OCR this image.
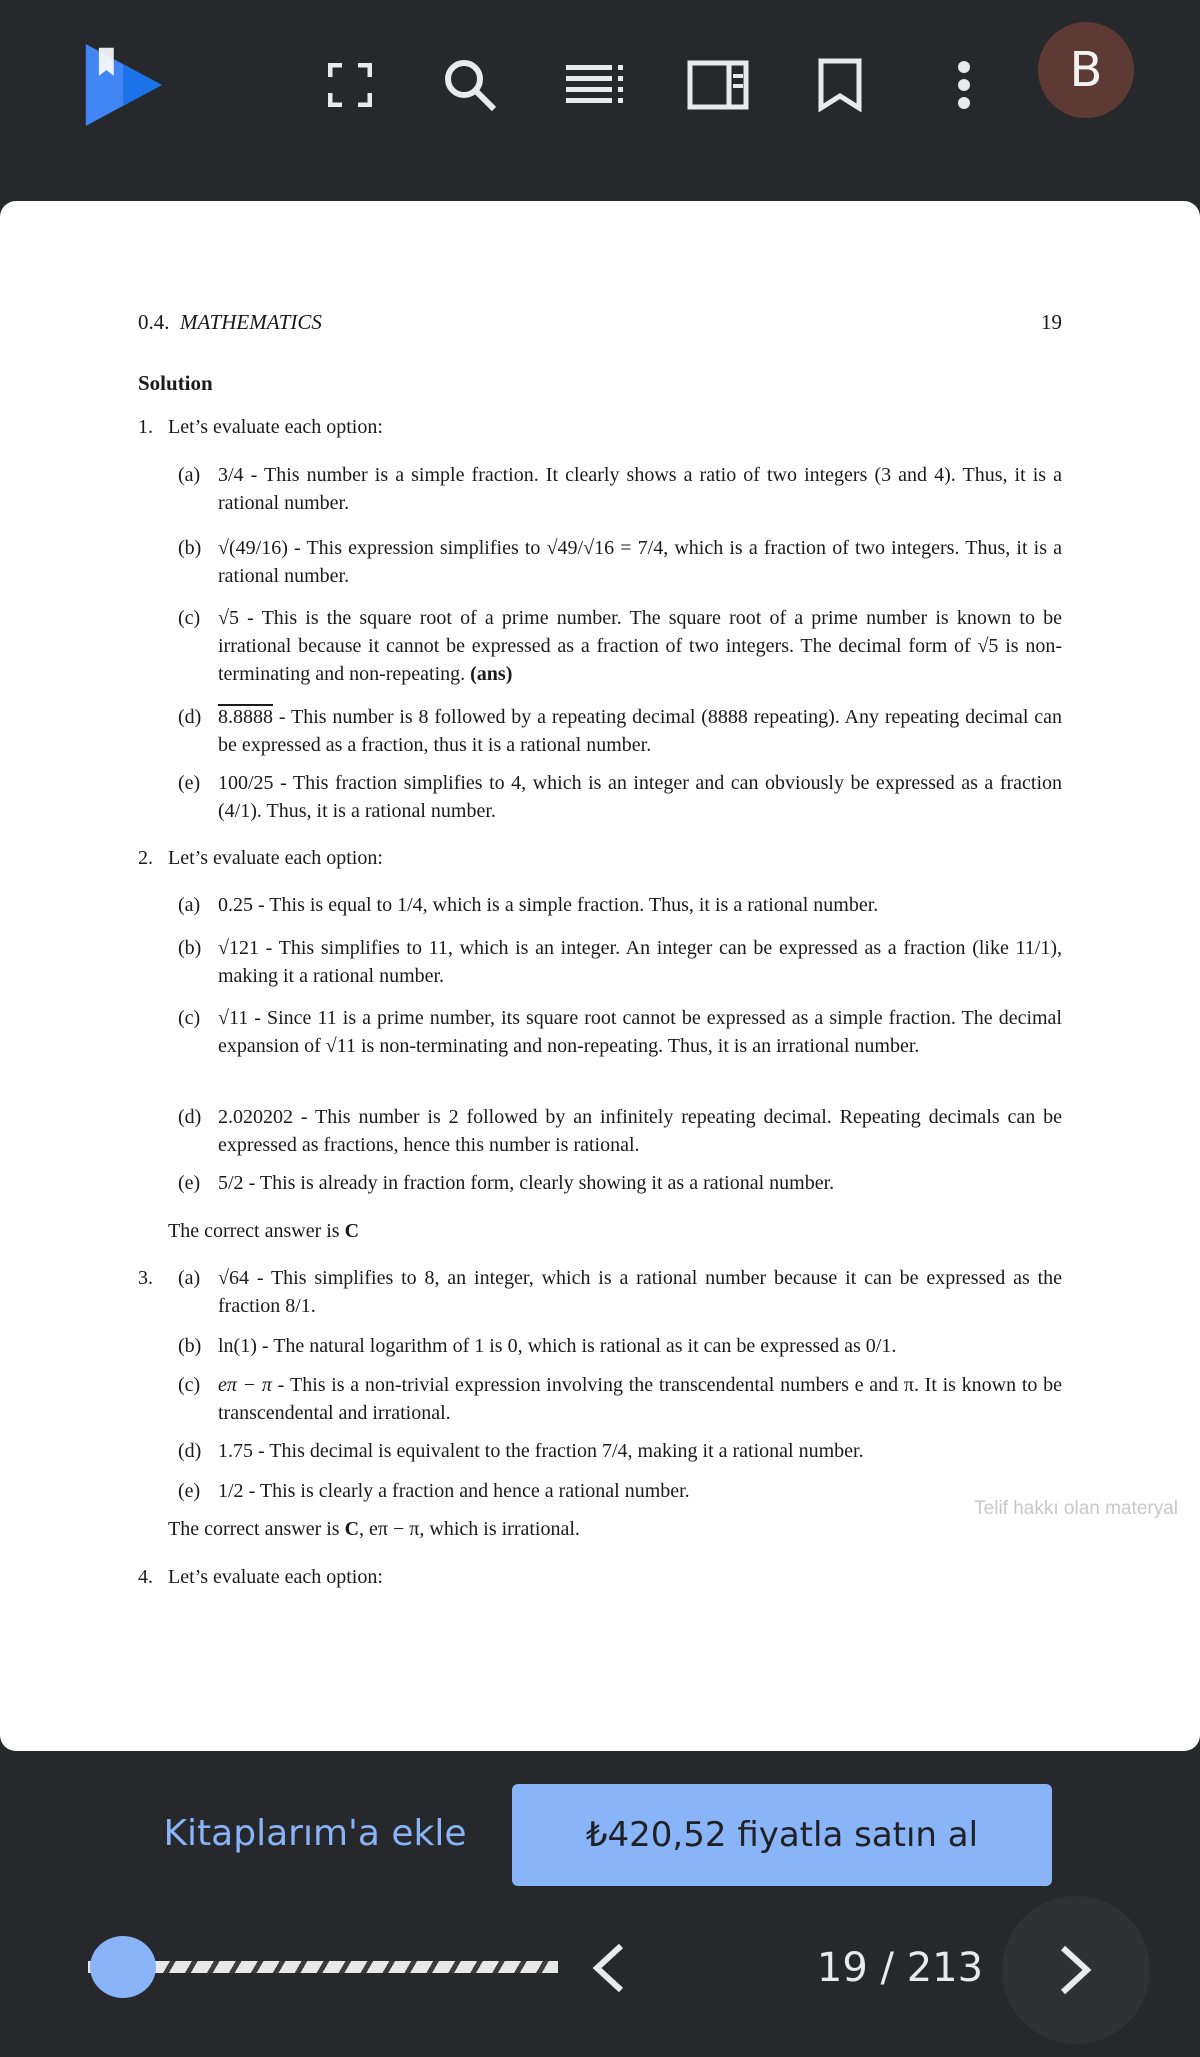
B
0.4. MATHEMATICS	19
Solution
1. Let’s evaluate each option:
(a) 3/4 - This number is a simple fraction. It clearly shows a ratio of two integers (3 and 4). Thus, it is a rational number.
(b) √(49/16) - This expression simplifies to √49/√16 = 7/4, which is a fraction of two integers. Thus, it is a rational number.
(c) √5 - This is the square root of a prime number. The square root of a prime number is known to be irrational because it cannot be expressed as a fraction of two integers. The decimal form of √5 is non-terminating and non-repeating. (ans)
(d) 8.8888 - This number is 8 followed by a repeating decimal (8888 repeating). Any repeating decimal can be expressed as a fraction, thus it is a rational number.
(e) 100/25 - This fraction simplifies to 4, which is an integer and can obviously be expressed as a fraction (4/1). Thus, it is a rational number.
2. Let’s evaluate each option:
(a) 0.25 - This is equal to 1/4, which is a simple fraction. Thus, it is a rational number.
(b) √121 - This simplifies to 11, which is an integer. An integer can be expressed as a fraction (like 11/1), making it a rational number.
(c) √11 - Since 11 is a prime number, its square root cannot be expressed as a simple fraction. The decimal expansion of √11 is non-terminating and non-repeating. Thus, it is an irrational number.
(d) 2.020202 - This number is 2 followed by an infinitely repeating decimal. Repeating decimals can be expressed as fractions, hence this number is rational.
(e) 5/2 - This is already in fraction form, clearly showing it as a rational number.
The correct answer is C
3. (a) √64 - This simplifies to 8, an integer, which is a rational number because it can be expressed as the fraction 8/1.
(b) ln(1) - The natural logarithm of 1 is 0, which is rational as it can be expressed as 0/1.
(c) eπ − π - This is a non-trivial expression involving the transcendental numbers e and π. It is known to be transcendental and irrational.
(d) 1.75 - This decimal is equivalent to the fraction 7/4, making it a rational number.
(e) 1/2 - This is clearly a fraction and hence a rational number.
The correct answer is C, eπ − π, which is irrational.
4. Let’s evaluate each option:
Telif hakkı olan materyal
Kitaplarım'a ekle	₺420,52 fiyatla satın al
19 / 213
